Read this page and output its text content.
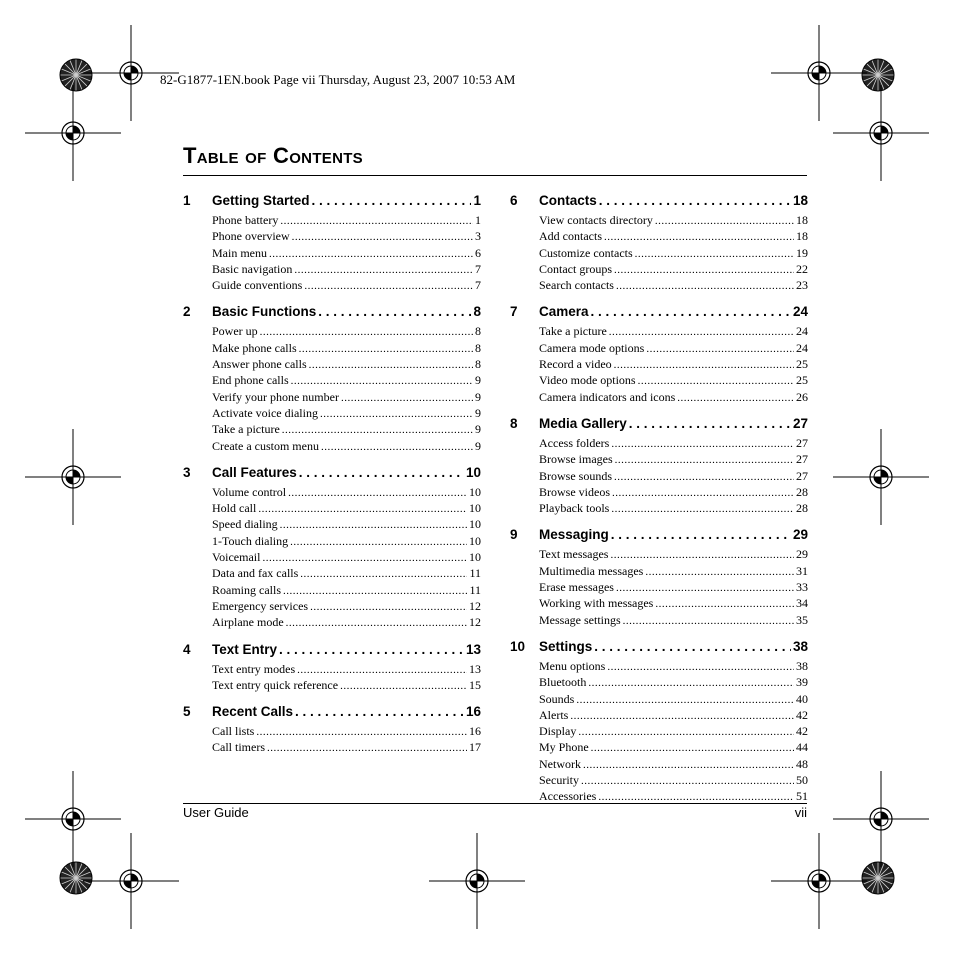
82-G1877-1EN.book Page vii Thursday, August 23, 2007 10:53 AM
Table of Contents
1	Getting Started . . .	1
Phone battery .....	1
Phone overview .....	3
Main menu .....	6
Basic navigation .....	7
Guide conventions .....	7
2	Basic Functions . . .	8
Power up .....	8
Make phone calls .....	8
Answer phone calls .....	8
End phone calls .....	9
Verify your phone number .....	9
Activate voice dialing .....	9
Take a picture .....	9
Create a custom menu .....	9
3	Call Features . . .	10
Volume control .....	10
Hold call .....	10
Speed dialing .....	10
1-Touch dialing .....	10
Voicemail .....	10
Data and fax calls .....	11
Roaming calls .....	11
Emergency services .....	12
Airplane mode .....	12
4	Text Entry . . .	13
Text entry modes .....	13
Text entry quick reference .....	15
5	Recent Calls . . .	16
Call lists .....	16
Call timers .....	17
6	Contacts . . .	18
View contacts directory .....	18
Add contacts .....	18
Customize contacts .....	19
Contact groups .....	22
Search contacts .....	23
7	Camera . . .	24
Take a picture .....	24
Camera mode options .....	24
Record a video .....	25
Video mode options .....	25
Camera indicators and icons .....	26
8	Media Gallery . . .	27
Access folders .....	27
Browse images .....	27
Browse sounds .....	27
Browse videos .....	28
Playback tools .....	28
9	Messaging . . .	29
Text messages .....	29
Multimedia messages .....	31
Erase messages .....	33
Working with messages .....	34
Message settings .....	35
10	Settings . . .	38
Menu options .....	38
Bluetooth .....	39
Sounds .....	40
Alerts .....	42
Display .....	42
My Phone .....	44
Network .....	48
Security .....	50
Accessories .....	51
User Guide	vii
